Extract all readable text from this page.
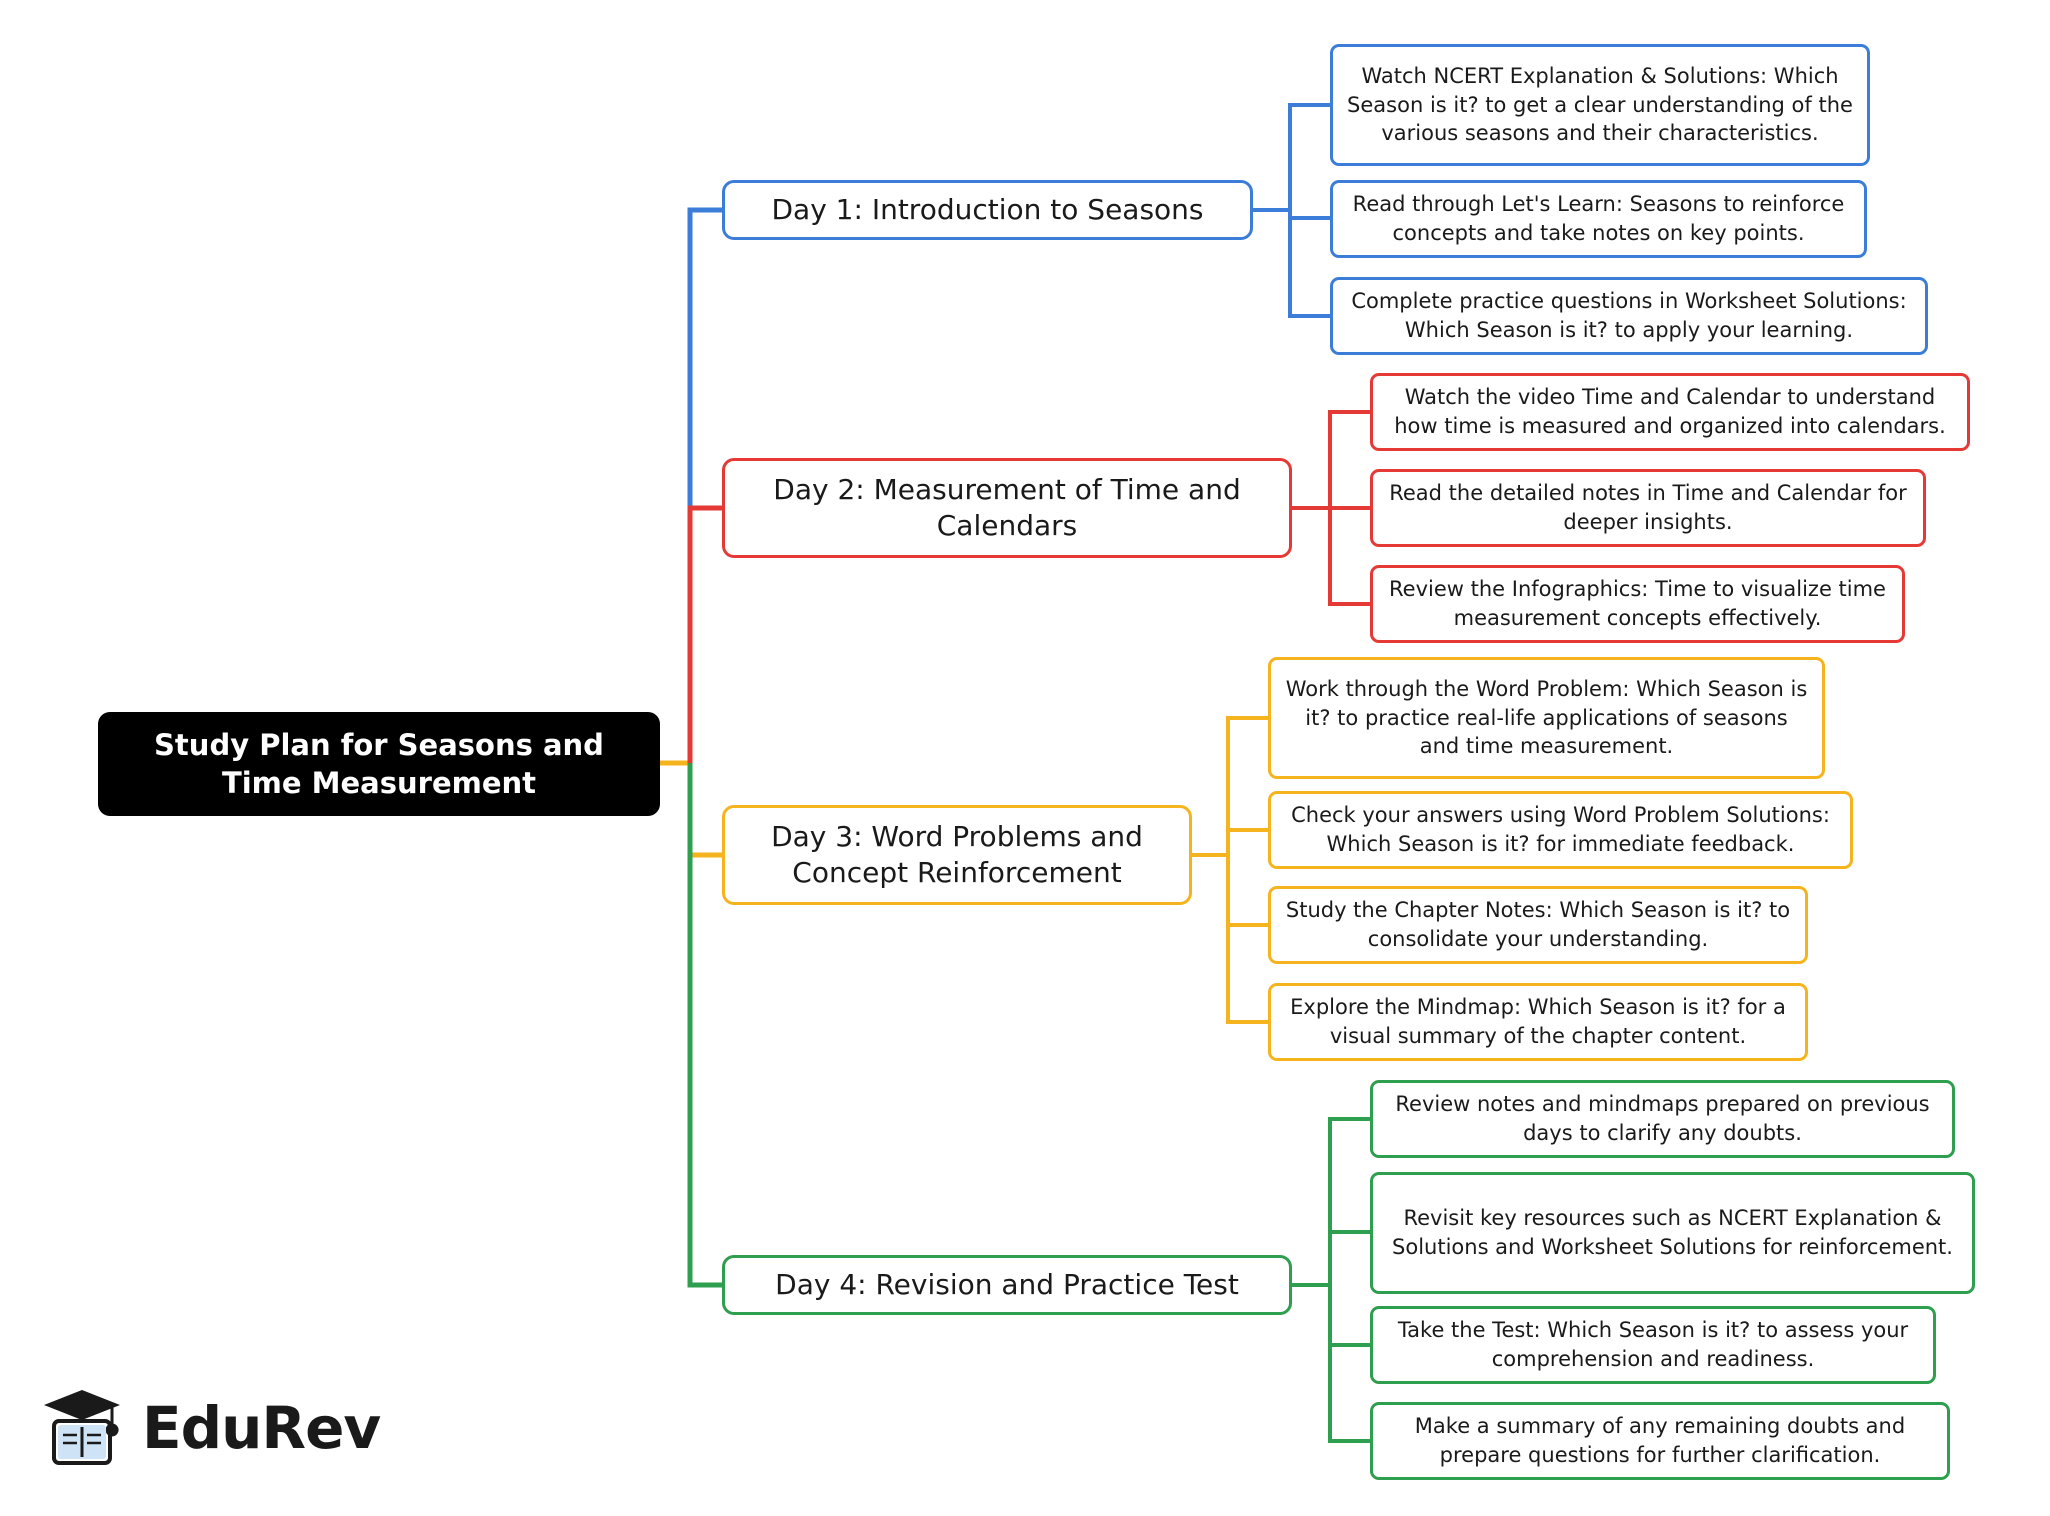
Study Plan for Seasons and Time Measurement
Day 1: Introduction to Seasons
Watch NCERT Explanation & Solutions: Which Season is it? to get a clear understanding of the various seasons and their characteristics.
Read through Let's Learn: Seasons to reinforce concepts and take notes on key points.
Complete practice questions in Worksheet Solutions: Which Season is it? to apply your learning.
Day 2: Measurement of Time and Calendars
Watch the video Time and Calendar to understand how time is measured and organized into calendars.
Read the detailed notes in Time and Calendar for deeper insights.
Review the Infographics: Time to visualize time measurement concepts effectively.
Day 3: Word Problems and Concept Reinforcement
Work through the Word Problem: Which Season is it? to practice real-life applications of seasons and time measurement.
Check your answers using Word Problem Solutions: Which Season is it? for immediate feedback.
Study the Chapter Notes: Which Season is it? to consolidate your understanding.
Explore the Mindmap: Which Season is it? for a visual summary of the chapter content.
Day 4: Revision and Practice Test
Review notes and mindmaps prepared on previous days to clarify any doubts.
Revisit key resources such as NCERT Explanation & Solutions and Worksheet Solutions for reinforcement.
Take the Test: Which Season is it? to assess your comprehension and readiness.
Make a summary of any remaining doubts and prepare questions for further clarification.
EduRev
